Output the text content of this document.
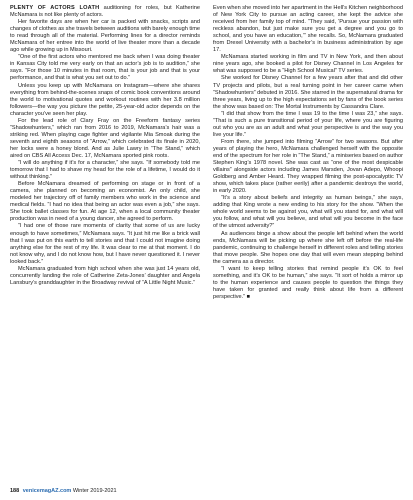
PLENTY OF ACTORS LOATH auditioning for roles, but Katherine McNamara is not like plenty of actors.

Her favorite days are when her car is packed with snacks, scripts and changes of clothes as she travels between auditions with barely enough time to read through all of the material. Performing lines for a director reminds McNamara of her entree into the world of live theater more than a decade ago while growing up in Missouri.

“One of the first actors who mentored me back when I was doing theater in Kansas City told me very early on that an actor’s job is to audition,” she says. “For those 10 minutes in that room, that is your job and that is your performance, and that is what you set out to do.”

Unless you keep up with McNamara on Instagram—where she shares everything from behind-the-scenes snaps of comic book conventions around the world to motivational quotes and workout routines with her 3.8 million followers—the way you picture the petite, 25-year-old actor depends on the character you’ve seen her play.

For the lead role of Clary Fray on the Freeform fantasy series “Shadowhunters,” which ran from 2016 to 2019, McNamara’s hair was a striking red. When playing cage fighter and vigilante Mia Smoak during the seventh and eighth seasons of “Arrow,” which celebrated its finale in 2020, her locks were a honey blond. And as Julie Lawry in “The Stand,” which aired on CBS All Access Dec. 17, McNamara sported pink roots.

“I will do anything if it’s for a character,” she says. “If somebody told me tomorrow that I had to shave my head for the role of a lifetime, I would do it without thinking.”

Before McNamara dreamed of performing on stage or in front of a camera, she planned on becoming an economist. An only child, she modeled her trajectory off of family members who work in the science and medical fields. “I had no idea that being an actor was even a job,” she says. She took ballet classes for fun. At age 12, when a local community theater production was in need of a young dancer, she agreed to perform.

“I had one of those rare moments of clarity that some of us are lucky enough to have sometimes,” McNamara says. “It just hit me like a brick wall that I was put on this earth to tell stories and that I could not imagine doing anything else for the rest of my life. It was clear to me at that moment. I do not know why, and I do not know how, but I have never questioned it. I never looked back.”

McNamara graduated from high school when she was just 14 years old, concurrently landing the role of Catherine Zeta-Jones’ daughter and Angela Lansbury’s granddaughter in the Broadway revival of “A Little Night Music.”

Even when she moved into her apartment in the Hell’s Kitchen neighborhood of New York City to pursue an acting career, she kept the advice she received from her family top of mind. “They said, ‘Pursue your passion with reckless abandon, but just make sure you get a degree and you go to school, and you have an education,’” she recalls. So, McNamara graduated from Drexel University with a bachelor’s in business administration by age 17.

McNamara started working in film and TV in New York, and then about nine years ago, she booked a pilot for Disney Channel in Los Angeles for what was supposed to be a “High School Musical” TV series.

She worked for Disney Channel for a few years after that and did other TV projects and pilots, but a real turning point in her career came when “Shadowhunters” debuted in 2016. She starred in the supernatural drama for three years, living up to the high expectations set by fans of the book series the show was based on: The Mortal Instruments by Cassandra Clare.

“I did that show from the time I was 19 to the time I was 23,” she says. “That is such a pure transitional period of your life, where you are figuring out who you are as an adult and what your perspective is and the way you live your life.”

From there, she jumped into filming “Arrow” for two seasons. But after years of playing the hero, McNamara challenged herself with the opposite end of the spectrum for her role in “The Stand,” a miniseries based on author Stephen King’s 1978 novel. She was cast as “one of the most despicable villains” alongside actors including James Marsden, Jovan Adepo, Whoopi Goldberg and Amber Heard. They wrapped filming the post-apocalyptic TV show, which takes place (rather eerily) after a pandemic destroys the world, in early 2020.

“It’s a story about beliefs and integrity as human beings,” she says, adding that King wrote a new ending to his story for the show. “When the whole world seems to be against you, what will you stand for, and what will you follow, and what will you believe, and what will you become in the face of the utmost adversity?”

As audiences binge a show about the people left behind when the world ends, McNamara will be picking up where she left off before the real-life pandemic, continuing to challenge herself in different roles and telling stories that move people. She hopes one day that will even mean stepping behind the camera as a director.

“I want to keep telling stories that remind people it’s OK to feel something, and it’s OK to be human,” she says. “It sort of holds a mirror up to the human experience and causes people to question the things they have taken for granted and really think about life from a different perspective.” ■

188 venicemagAZ.com Winter 2019-2021
